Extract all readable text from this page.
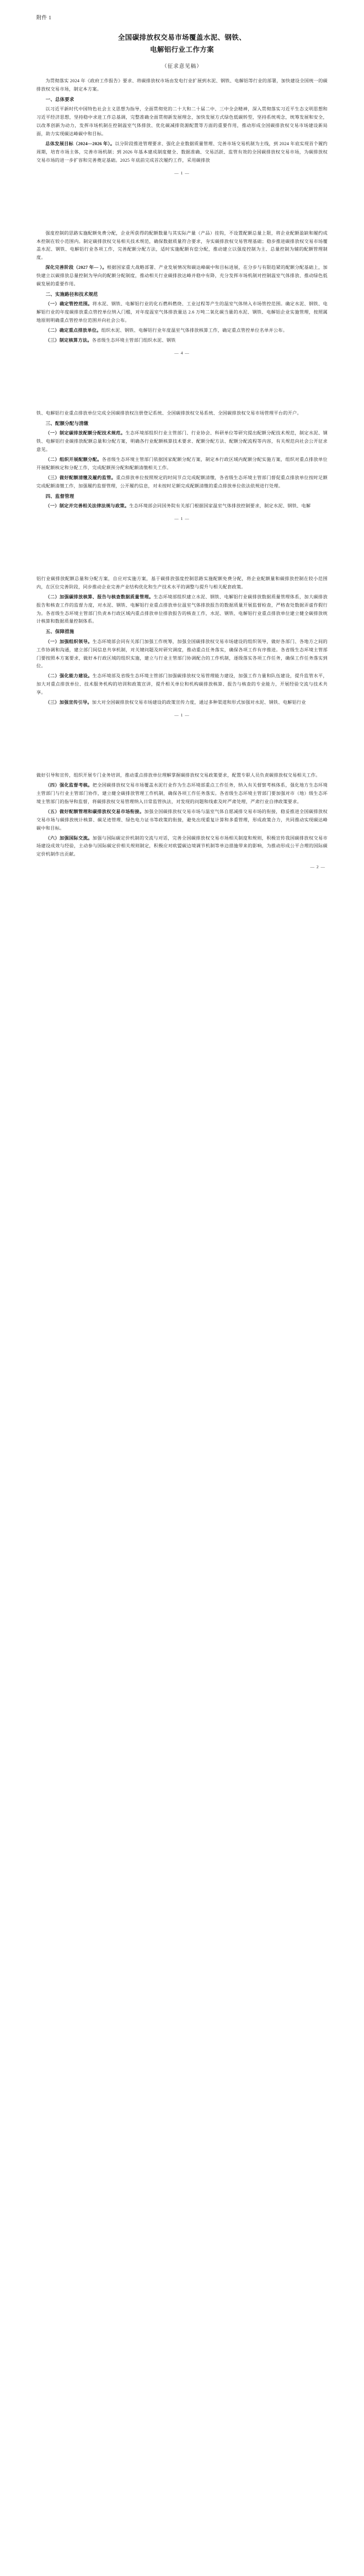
附件 1
全国碳排放权交易市场覆盖水泥、钢铁、
电解铝行业工作方案
（征求意见稿）

为贯彻落实 2024 年《政府工作报告》要求、将碳排放权市场由发电行业扩展到水泥、钢铁、电解铝等行业的部署，加快建设全国统一的碳排放权交易市场，制定本方案。

一、总体要求

以习近平新时代中国特色社会主义思想为指导，全面贯彻党的二十大和二十届二中、三中全会精神，深入贯彻落实习近平生态文明思想和习近平经济思想，坚持稳中求进工作总基调，完整准确全面贯彻新发展理念，加快发展方式绿色低碳转型，坚持系统观念，统筹发展和安全，以改革创新为动力，发挥市场机制在控制温室气体排放、优化碳减排资源配置等方面的重要作用，推动形成全国碳排放权交易市场建设新局面，助力实现碳达峰碳中和目标。

总体发展目标（2024—2026 年）。以分阶段推进管理要求、强化企业数据质量管理、完善市场交易机制为主线，到 2024 年底实现首个履约周期，培育市场主体，完善市场机制；到 2026 年基本建成制度健全、数据准确、交易活跃、监管有效的全国碳排放权交易市场，为碳排放权交易市场的进一步扩容和完善奠定基础。2025 年底前完成首次履约工作，采用碳排放

— 1 —

强度控制的思路实施配额免费分配，企业所获得的配额数量与其实际产量（产品）挂钩，不设置配额总量上限，将企业配额盈缺和履约成本控制在较小范围内。制定碳排放权交易相关技术规范，确保数据质量符合要求，夯实碳排放权交易管理基础；稳步推进碳排放权交易市场覆盖水泥、钢铁、电解铝行业各项工作，完善配额分配方法，适时实施配额有偿分配，推动建立以强度控制为主、总量控制为辅的配额管理制度。

深化完善阶段（2027 年— ）。根据国家重大战略部署、产业发展情况和碳达峰碳中和目标进展，在分步与有限趋紧的配额分配基础上，加快建立以碳排放总量控制为导向的配额分配制度，推动相关行业碳排放达峰并稳中有降，充分发挥市场机制对控制温室气体排放、推动绿色低碳发展的重要作用。

二、实施路径和技术规范

（一）确定管控范围。将水泥、钢铁、电解铝行业的化石燃料燃烧、工业过程等产生的温室气体纳入市场管控范围。确定水泥、钢铁、电解铝行业的年度碳排放重点管控单位纳入门槛，对年度温室气体排放量达 2.6 万吨二氧化碳当量的水泥、钢铁、电解铝企业实施管理，按照属地原则明确重点管控单位范围并向社会公布。

（二）确定重点排放单位。组织水泥、钢铁、电解铝行业年度温室气体排放核算工作，确定重点管控单位名单并公布。

（三）制定核算方法。各省级生态环境主管部门组织水泥、钢铁

— 4 —

铁、电解铝行业重点排放单位完成全国碳排放权注册登记系统、全国碳排放权交易系统、全国碳排放权交易市场管理平台的开户。

三、配额分配与清缴

（一）制定碳排放配额分配技术规范。生态环境部组织行业主管部门、行业协会、科研单位等研究提出配额分配技术规范，制定水泥、钢铁、电解铝行业碳排放配额总量和分配方案，明确各行业配额核算技术要求、配额分配方法、配额分配流程等内容，有关规范向社会公开征求意见。

（二）组织开展配额分配。各省级生态环境主管部门依据国家配额分配方案，制定本行政区域内配额分配实施方案，组织对重点排放单位开展配额核定和分配工作，完成配额预分配和配额清缴相关工作。

（三）做好配额清缴及履约监管。重点排放单位按照规定的时间节点完成配额清缴，各省级生态环境主管部门督促重点排放单位按时足额完成配额清缴工作，加强履约监督管理，公开履约信息，对未按时足额完成配额清缴的重点排放单位依法依规进行处理。

四、监督管理

（一）制定并完善相关法律法规与政策。生态环境部会同国务院有关部门根据国家温室气体排放控制要求，制定水泥、钢铁、电解

— 1 —

铝行业碳排放配额总量和分配方案，自应对实施方案，基于碳排放强度控制思路实施配额免费分配，将企业配额量和碳排放控制在较小范围内，在区位完善阶段，同步推动企业完善产业结构优化和生产技术水平的调整与提升与相关配套政策。

（二）加强碳排放核算、报告与核查数据质量管理。生态环境部组织建立水泥、钢铁、电解铝行业碳排放数据质量管理体系，加大碳排放报告和核查工作的监督力度，对水泥、钢铁、电解铝行业重点排放单位温室气体排放报告的数据质量开展监督检查，严格查处数据弄虚作假行为。各省级生态环境主管部门负责本行政区域内重点排放单位排放报告的核查工作，水泥、钢铁、电解铝行业重点排放单位建立健全碳排放统计核算和数据质量控制体系。

五、保障措施

（一）加强组织领导。生态环境部会同有关部门加强工作统筹，加强全国碳排放权交易市场建设的组织领导，做好各部门、各地方之间的工作协调和沟通，建立部门间信息共享机制，对关键问题及时研究调度，推动重点任务落实，确保各项工作有序推进。各省级生态环境主管部门要按照本方案要求，做好本行政区域的组织实施，建立与行业主管部门协调配合的工作机制，逐级落实各项工作任务，确保工作任务落实到位。

（二）强化能力建设。生态环境部及省级生态环境主管部门加强碳排放权交易管理能力建设，加强工作力量和队伍建设，提升监管水平，加大对重点排放单位、技术服务机构的培训和政策宣讲，提升相关单位和机构碳排放核算、报告与核查的专业能力，开展经验交流与技术共享。

（三）加强宣传引导。加大对全国碳排放权交易市场建设的政策宣传力度，通过多种渠道和形式加强对水泥、钢铁、电解铝行业

— 1 —

做好引导和宣传，组织开展专门业务培训，推动重点排放单位理解掌握碳排放权交易政策要求，配置专职人员负责碳排放权交易相关工作。

（四）强化监督考核。把全国碳排放权交易市场覆盖水泥行业作为生态环境部重点工作任务，纳入有关督察考核体系，强化地方生态环境主管部门与行业主管部门协作，建立健全碳排放管理工作机制，确保各项工作任务落实。各省级生态环境主管部门要加强对市（地）级生态环境主管部门的指导和监督，将碳排放权交易管理纳入日常监管执法，对发现的问题和线索及时严肃处理，严肃行业自律政策要求。

（五）做好配额管理和碳排放权交易市场衔接。加强全国碳排放权交易市场与温室气体自愿减排交易市场的衔接，稳妥推进全国碳排放权交易市场与碳排放统计核算、碳足迹管理、绿色电力证书等政策的衔接，避免出现重复计算和多重管理，形成政策合力，共同推动实现碳达峰碳中和目标。

（六）加强国际交流。加强与国际碳定价机制的交流与对话，完善全国碳排放权交易市场相关制度和规则，积极宣传我国碳排放权交易市场建设成效与经验，主动参与国际碳定价相关规则制定，积极应对欧盟碳边境调节机制等单边措施带来的影响，为推动形成公平合理的国际碳定价机制作出贡献。

— 2 —
